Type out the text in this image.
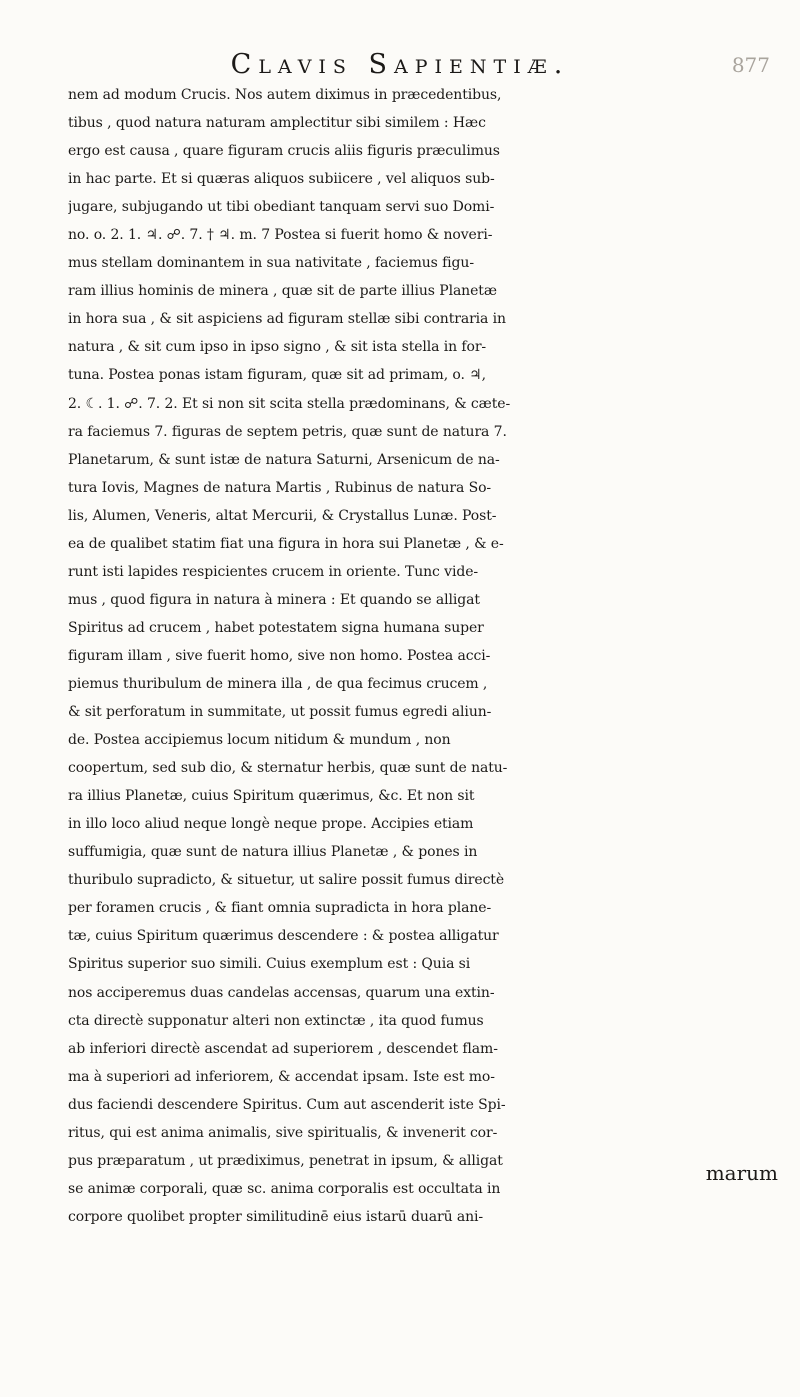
Clavis Sapientiæ.	877
nem ad modum Crucis. Nos autem diximus in præcedentibus,
tibus , quod natura naturam amplectitur sibi similem : Hæc
ergo est causa , quare figuram crucis aliis figuris præculimus
in hac parte. Et si quæras aliquos subiicere , vel aliquos sub-
jugare, subjugando ut tibi obediant tanquam servi suo Domi-
no. o. 2. 1. ♃. ☍. 7. † ♃. m. 7 Postea si fuerit homo & noveri-
mus stellam dominantem in sua nativitate , faciemus figu-
ram illius hominis de minera , quæ sit de parte illius Planetæ
in hora sua , & sit aspiciens ad figuram stellæ sibi contraria in
natura , & sit cum ipso in ipso signo , & sit ista stella in for-
tuna. Postea ponas istam figuram, quæ sit ad primam, o. ♃,
2. ☾. 1. ☍. 7. 2. Et si non sit scita stella prædominans, & cæte-
ra faciemus 7. figuras de septem petris, quæ sunt de natura 7.
Planetarum, & sunt istæ de natura Saturni, Arsenicum de na-
tura Iovis, Magnes de natura Martis , Rubinus de natura So-
lis, Alumen, Veneris, altat Mercurii, & Crystallus Lunæ. Post-
ea de qualibet statim fiat una figura in hora sui Planetæ , & e-
runt isti lapides respicientes crucem in oriente. Tunc vide-
mus , quod figura in natura à minera : Et quando se alligat
Spiritus ad crucem , habet potestatem signa humana super
figuram illam , sive fuerit homo, sive non homo. Postea acci-
piemus thuribulum de minera illa , de qua fecimus crucem ,
& sit perforatum in summitate, ut possit fumus egredi aliun-
de. Postea accipiemus locum nitidum & mundum , non
coopertum, sed sub dio, & sternatur herbis, quæ sunt de natu-
ra illius Planetæ, cuius Spiritum quærimus, &c. Et non sit
in illo loco aliud neque longè neque prope. Accipies etiam
suffumigia, quæ sunt de natura illius Planetæ , & pones in
thuribulo supradicto, & situetur, ut salire possit fumus directè
per foramen crucis , & fiant omnia supradicta in hora plane-
tæ, cuius Spiritum quærimus descendere : & postea alligatur
Spiritus superior suo simili. Cuius exemplum est : Quia si
nos acciperemus duas candelas accensas, quarum una extin-
cta directè supponatur alteri non extinctæ , ita quod fumus
ab inferiori directè ascendat ad superiorem , descendet flam-
ma à superiori ad inferiorem, & accendat ipsam. Iste est mo-
dus faciendi descendere Spiritus. Cum aut ascenderit iste Spi-
ritus, qui est anima animalis, sive spiritualis, & invenerit cor-
pus præparatum , ut prædiximus, penetrat in ipsum, & alligat
se animæ corporali, quæ sc. anima corporalis est occultata in
corpore quolibet propter similitudinē eius istarū duarū ani-
marum
